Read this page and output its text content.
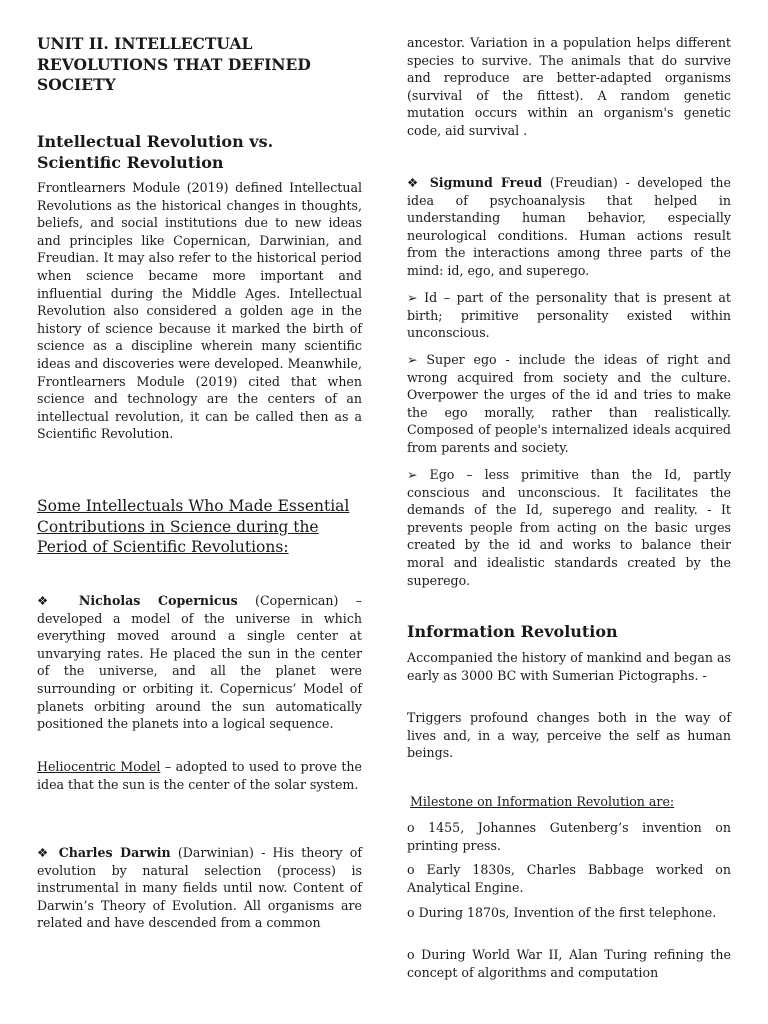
UNIT II. INTELLECTUAL REVOLUTIONS THAT DEFINED SOCIETY
Intellectual Revolution vs. Scientific Revolution

Frontlearners Module (2019) defined Intellectual Revolutions as the historical changes in thoughts, beliefs, and social institutions due to new ideas and principles like Copernican, Darwinian, and Freudian. It may also refer to the historical period when science became more important and influential during the Middle Ages. Intellectual Revolution also considered a golden age in the history of science because it marked the birth of science as a discipline wherein many scientific ideas and discoveries were developed. Meanwhile, Frontlearners Module (2019) cited that when science and technology are the centers of an intellectual revolution, it can be called then as a Scientific Revolution.

Some Intellectuals Who Made Essential Contributions in Science during the Period of Scientific Revolutions:

❖ Nicholas Copernicus (Copernican) – developed a model of the universe in which everything moved around a single center at unvarying rates. He placed the sun in the center of the universe, and all the planet were surrounding or orbiting it. Copernicus’ Model of planets orbiting around the sun automatically positioned the planets into a logical sequence.

Heliocentric Model – adopted to used to prove the idea that the sun is the center of the solar system.

❖ Charles Darwin (Darwinian) - His theory of evolution by natural selection (process) is instrumental in many fields until now. Content of Darwin’s Theory of Evolution. All organisms are related and have descended from a common

ancestor. Variation in a population helps different species to survive. The animals that do survive and reproduce are better-adapted organisms (survival of the fittest). A random genetic mutation occurs within an organism's genetic code, aid survival .

❖ Sigmund Freud (Freudian) - developed the idea of psychoanalysis that helped in understanding human behavior, especially neurological conditions. Human actions result from the interactions among three parts of the mind: id, ego, and superego.

➢ Id – part of the personality that is present at birth; primitive personality existed within unconscious.

➢ Super ego - include the ideas of right and wrong acquired from society and the culture. Overpower the urges of the id and tries to make the ego morally, rather than realistically. Composed of people's internalized ideals acquired from parents and society.

➢ Ego – less primitive than the Id, partly conscious and unconscious. It facilitates the demands of the Id, superego and reality. - It prevents people from acting on the basic urges created by the id and works to balance their moral and idealistic standards created by the superego.

Information Revolution

Accompanied the history of mankind and began as early as 3000 BC with Sumerian Pictographs. -

Triggers profound changes both in the way of lives and, in a way, perceive the self as human beings.

Milestone on Information Revolution are:

o 1455, Johannes Gutenberg’s invention on printing press.

o Early 1830s, Charles Babbage worked on Analytical Engine.

o During 1870s, Invention of the first telephone.

o During World War II, Alan Turing refining the concept of algorithms and computation
